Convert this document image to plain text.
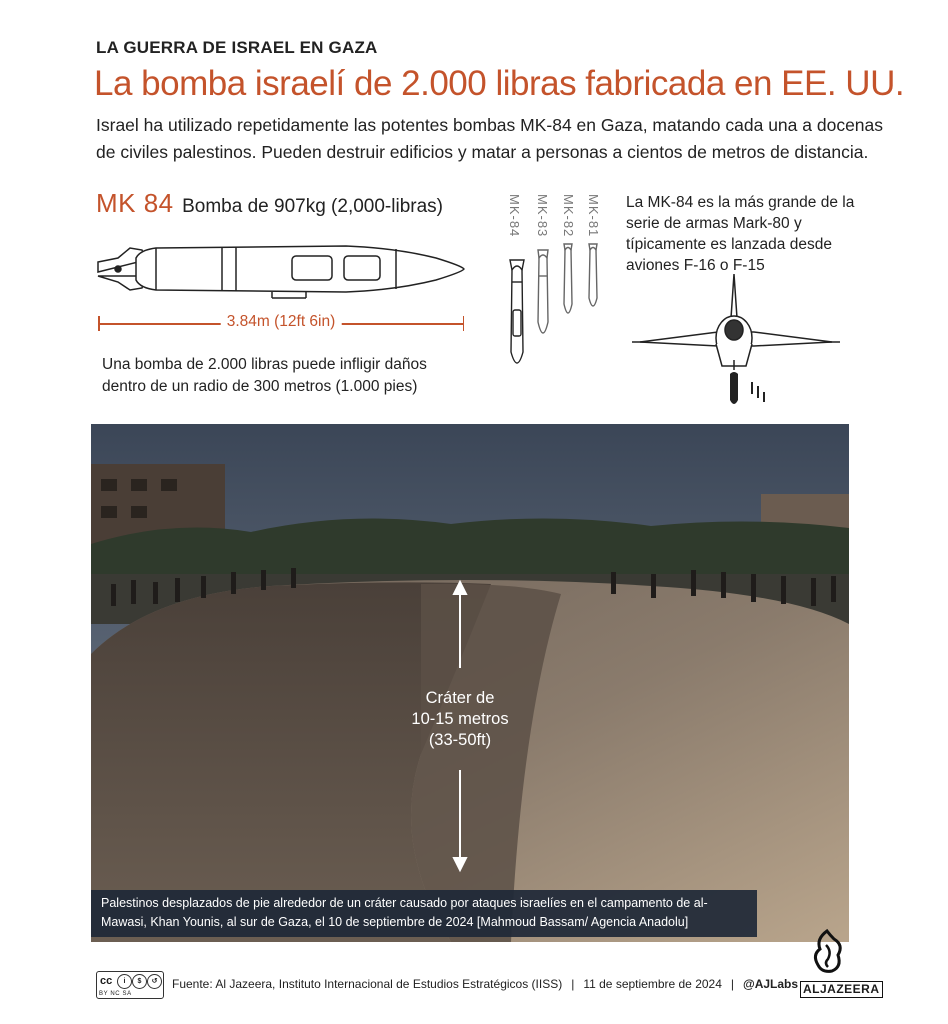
LA GUERRA DE ISRAEL EN GAZA
La bomba israelí de 2.000 libras fabricada en EE. UU.
Israel ha utilizado repetidamente las potentes bombas MK-84 en Gaza, matando cada una a docenas de civiles palestinos. Pueden destruir edificios y matar a personas a cientos de metros de distancia.
MK 84 Bomba de 907kg (2,000-libras)
3.84m (12ft 6in)
Una bomba de 2.000 libras puede infligir daños dentro de un radio de 300 metros (1.000 pies)
MK-84 MK-83 MK-82 MK-81 La MK-84 es la más grande de la serie de armas Mark-80 y típicamente es lanzada desde aviones F-16 o F-15
Cráter de
10-15 metros
(33-50ft)
Palestinos desplazados de pie alrededor de un cráter causado por ataques israelíes en el campamento de al-Mawasi, Khan Younis, al sur de Gaza, el 10 de septiembre de 2024 [Mahmoud Bassam/ Agencia Anadolu]
cc	i	$	↺
BY NC SA
Fuente: Al Jazeera, Instituto Internacional de Estudios Estratégicos (IISS) | 11 de septiembre de 2024 | @AJLabs ALJAZEERA
